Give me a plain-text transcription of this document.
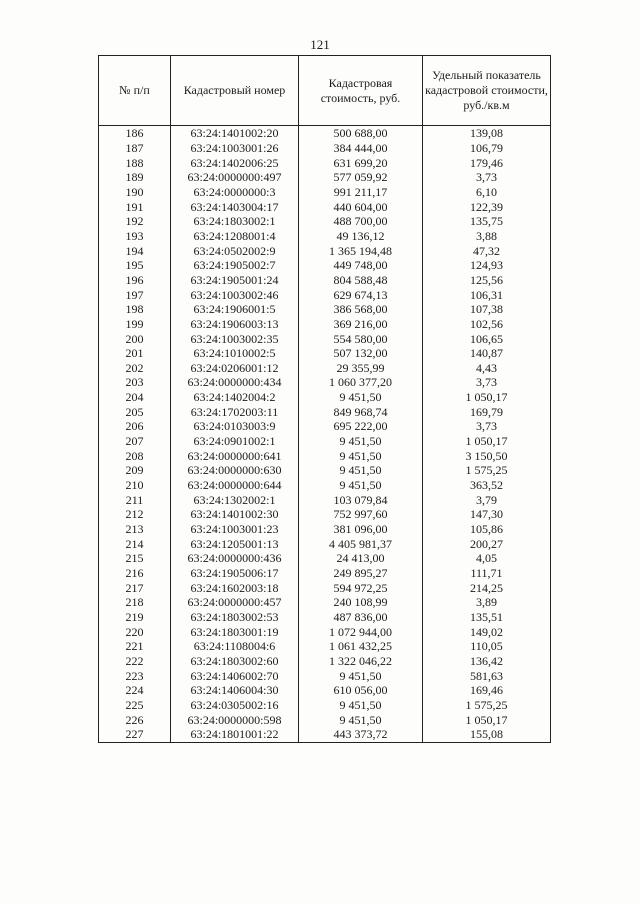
121
№ п/п	Кадастровый номер	Кадастровая стоимость, руб.	Удельный показатель кадастровой стоимости, руб./кв.м
186	63:24:1401002:20	500 688,00	139,08
187	63:24:1003001:26	384 444,00	106,79
188	63:24:1402006:25	631 699,20	179,46
189	63:24:0000000:497	577 059,92	3,73
190	63:24:0000000:3	991 211,17	6,10
191	63:24:1403004:17	440 604,00	122,39
192	63:24:1803002:1	488 700,00	135,75
193	63:24:1208001:4	49 136,12	3,88
194	63:24:0502002:9	1 365 194,48	47,32
195	63:24:1905002:7	449 748,00	124,93
196	63:24:1905001:24	804 588,48	125,56
197	63:24:1003002:46	629 674,13	106,31
198	63:24:1906001:5	386 568,00	107,38
199	63:24:1906003:13	369 216,00	102,56
200	63:24:1003002:35	554 580,00	106,65
201	63:24:1010002:5	507 132,00	140,87
202	63:24:0206001:12	29 355,99	4,43
203	63:24:0000000:434	1 060 377,20	3,73
204	63:24:1402004:2	9 451,50	1 050,17
205	63:24:1702003:11	849 968,74	169,79
206	63:24:0103003:9	695 222,00	3,73
207	63:24:0901002:1	9 451,50	1 050,17
208	63:24:0000000:641	9 451,50	3 150,50
209	63:24:0000000:630	9 451,50	1 575,25
210	63:24:0000000:644	9 451,50	363,52
211	63:24:1302002:1	103 079,84	3,79
212	63:24:1401002:30	752 997,60	147,30
213	63:24:1003001:23	381 096,00	105,86
214	63:24:1205001:13	4 405 981,37	200,27
215	63:24:0000000:436	24 413,00	4,05
216	63:24:1905006:17	249 895,27	111,71
217	63:24:1602003:18	594 972,25	214,25
218	63:24:0000000:457	240 108,99	3,89
219	63:24:1803002:53	487 836,00	135,51
220	63:24:1803001:19	1 072 944,00	149,02
221	63:24:1108004:6	1 061 432,25	110,05
222	63:24:1803002:60	1 322 046,22	136,42
223	63:24:1406002:70	9 451,50	581,63
224	63:24:1406004:30	610 056,00	169,46
225	63:24:0305002:16	9 451,50	1 575,25
226	63:24:0000000:598	9 451,50	1 050,17
227	63:24:1801001:22	443 373,72	155,08
